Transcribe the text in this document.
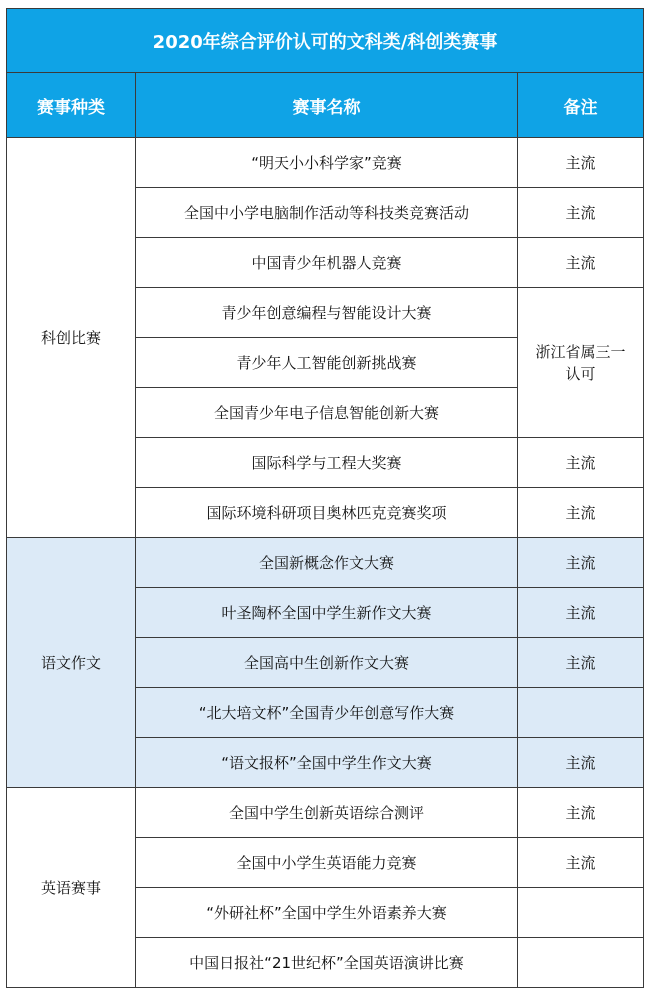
2020年综合评价认可的文科类/科创类赛事		
赛事种类	赛事名称	备注
科创比赛	“明天小小科学家”竞赛	主流
	全国中小学电脑制作活动等科技类竞赛活动	主流
	中国青少年机器人竞赛	主流
	青少年创意编程与智能设计大赛	浙江省属三一认可
	青少年人工智能创新挑战赛	
	全国青少年电子信息智能创新大赛	
	国际科学与工程大奖赛	主流
	国际环境科研项目奥林匹克竞赛奖项	主流
语文作文	全国新概念作文大赛	主流
	叶圣陶杯全国中学生新作文大赛	主流
	全国高中生创新作文大赛	主流
	“北大培文杯”全国青少年创意写作大赛	
	“语文报杯”全国中学生作文大赛	主流
英语赛事	全国中学生创新英语综合测评	主流
	全国中小学生英语能力竞赛	主流
	“外研社杯”全国中学生外语素养大赛	
	中国日报社“21世纪杯”全国英语演讲比赛	
